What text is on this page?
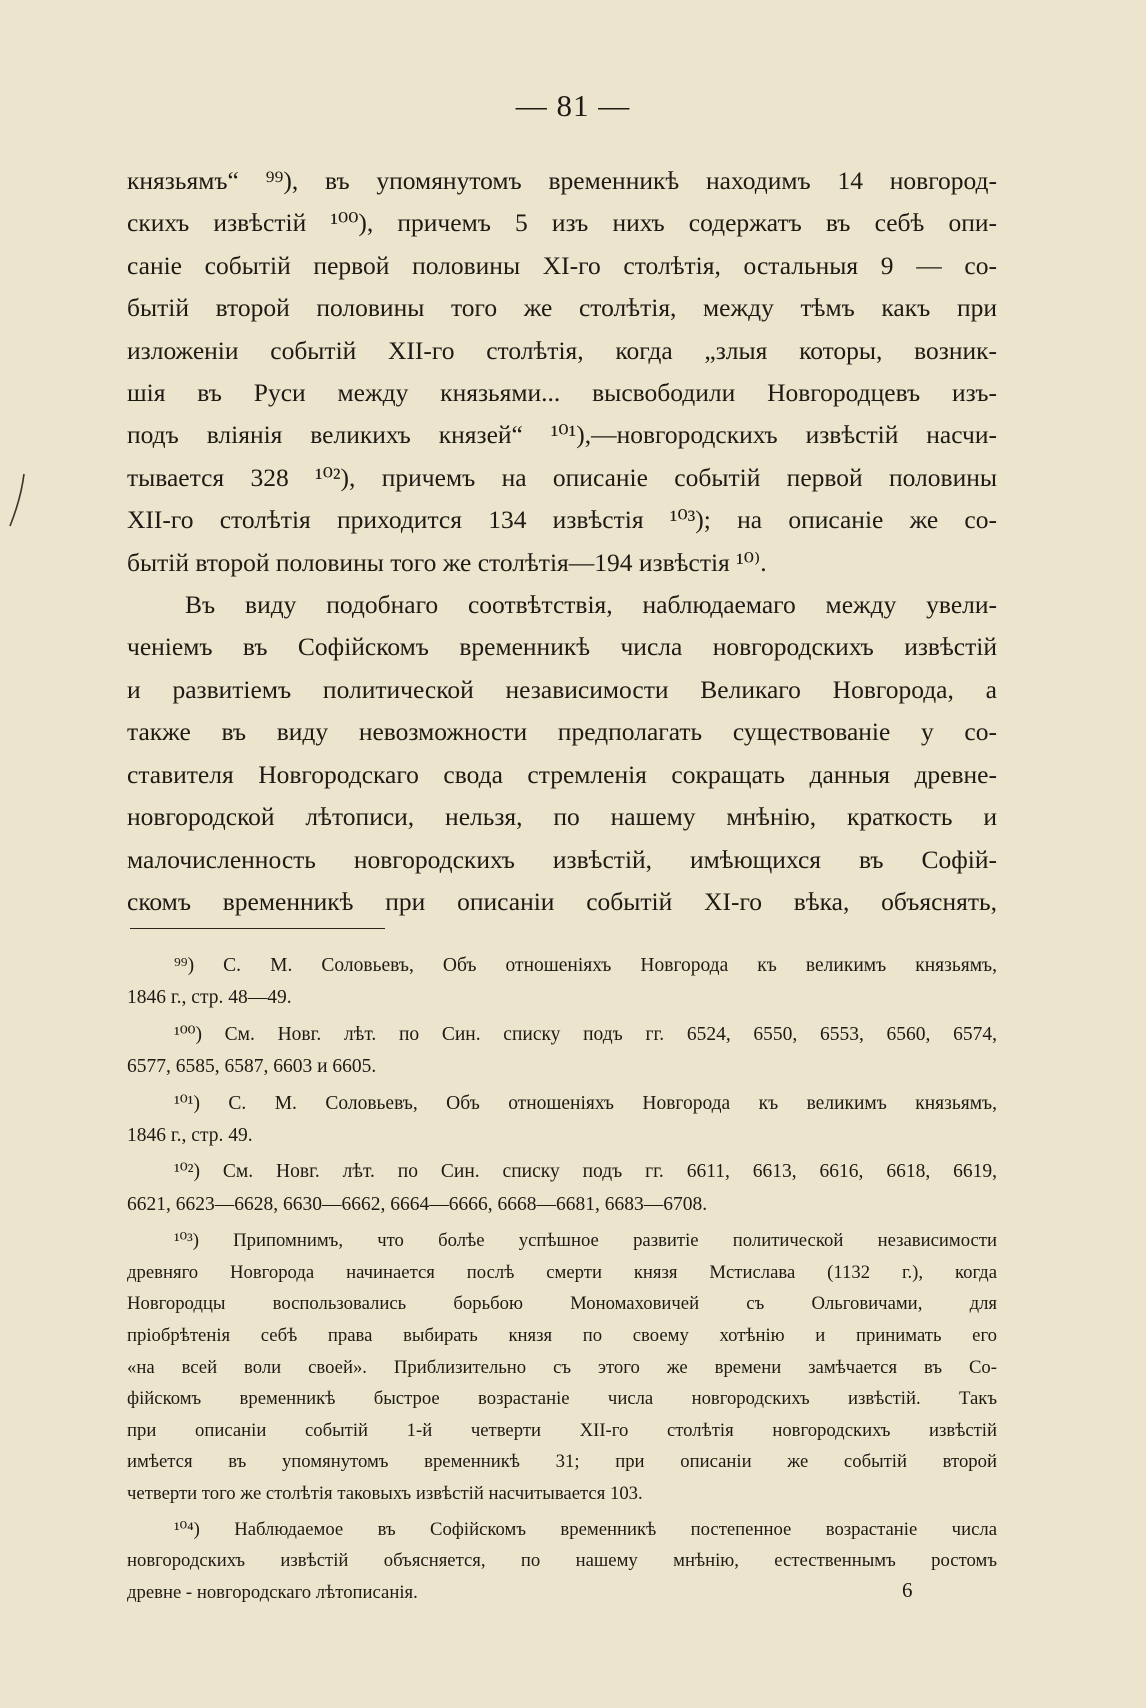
— 81 —
князьямъ“ ⁹⁹), въ упомянутомъ временникѣ находимъ 14 новгород-
скихъ извѣстій ¹⁰⁰), причемъ 5 изъ нихъ содержатъ въ себѣ опи-
санiе событiй первой половины XI-го столѣтія, остальныя 9 — со-
бытій второй половины того же столѣтія, между тѣмъ какъ при
изложеніи событій XII-го столѣтія, когда „злыя которы, возник-
шія въ Руси между князьями... высвободили Новгородцевъ изъ-
подъ вліянія великихъ князей“ ¹⁰¹),—новгородскихъ извѣстій насчи-
тывается 328 ¹⁰²), причемъ на описаніе событій первой половины
XII-го столѣтія приходится 134 извѣстія ¹⁰³); на описаніе же со-
бытій второй половины того же столѣтія—194 извѣстія ¹⁰⁾.
Въ виду подобнаго соотвѣтствія, наблюдаемаго между увели-
ченіемъ въ Софійскомъ временникѣ числа новгородскихъ извѣстій
и развитіемъ политической независимости Великаго Новгорода, а
также въ виду невозможности предполагать существованіе у со-
ставителя Новгородскаго свода стремленія сокращать данныя древне-
новгородской лѣтописи, нельзя, по нашему мнѣнію, краткость и
малочисленность новгородскихъ извѣстій, имѣющихся въ Софій-
скомъ временникѣ при описаніи событій XI-го вѣка, объяснять,
⁹⁹) С. М. Соловьевъ, Объ отношеніяхъ Новгорода къ великимъ князьямъ,
1846 г., стр. 48—49.
¹⁰⁰) См. Новг. лѣт. по Син. списку подъ гг. 6524, 6550, 6553, 6560, 6574,
6577, 6585, 6587, 6603 и 6605.
¹⁰¹) С. М. Соловьевъ, Объ отношеніяхъ Новгорода къ великимъ князьямъ,
1846 г., стр. 49.
¹⁰²) См. Новг. лѣт. по Син. списку подъ гг. 6611, 6613, 6616, 6618, 6619,
6621, 6623—6628, 6630—6662, 6664—6666, 6668—6681, 6683—6708.
¹⁰³) Припомнимъ, что болѣе успѣшное развитіе политической независимости
древняго Новгорода начинается послѣ смерти князя Мстислава (1132 г.), когда
Новгородцы воспользовались борьбою Мономаховичей съ Ольговичами, для
пріобрѣтенія себѣ права выбирать князя по своему хотѣнію и принимать его
«на всей воли своей». Приблизительно съ этого же времени замѣчается въ Со-
фійскомъ временникѣ быстрое возрастаніе числа новгородскихъ извѣстій. Такъ
при описаніи событій 1-й четверти XII-го столѣтія новгородскихъ извѣстій
имѣется въ упомянутомъ временникѣ 31; при описаніи же событій второй
четверти того же столѣтія таковыхъ извѣстій насчитывается 103.
¹⁰⁴) Наблюдаемое въ Софійскомъ временникѣ постепенное возрастаніе числа
новгородскихъ извѣстій объясняется, по нашему мнѣнію, естественнымъ ростомъ
древне - новгородскаго лѣтописанія.	6
